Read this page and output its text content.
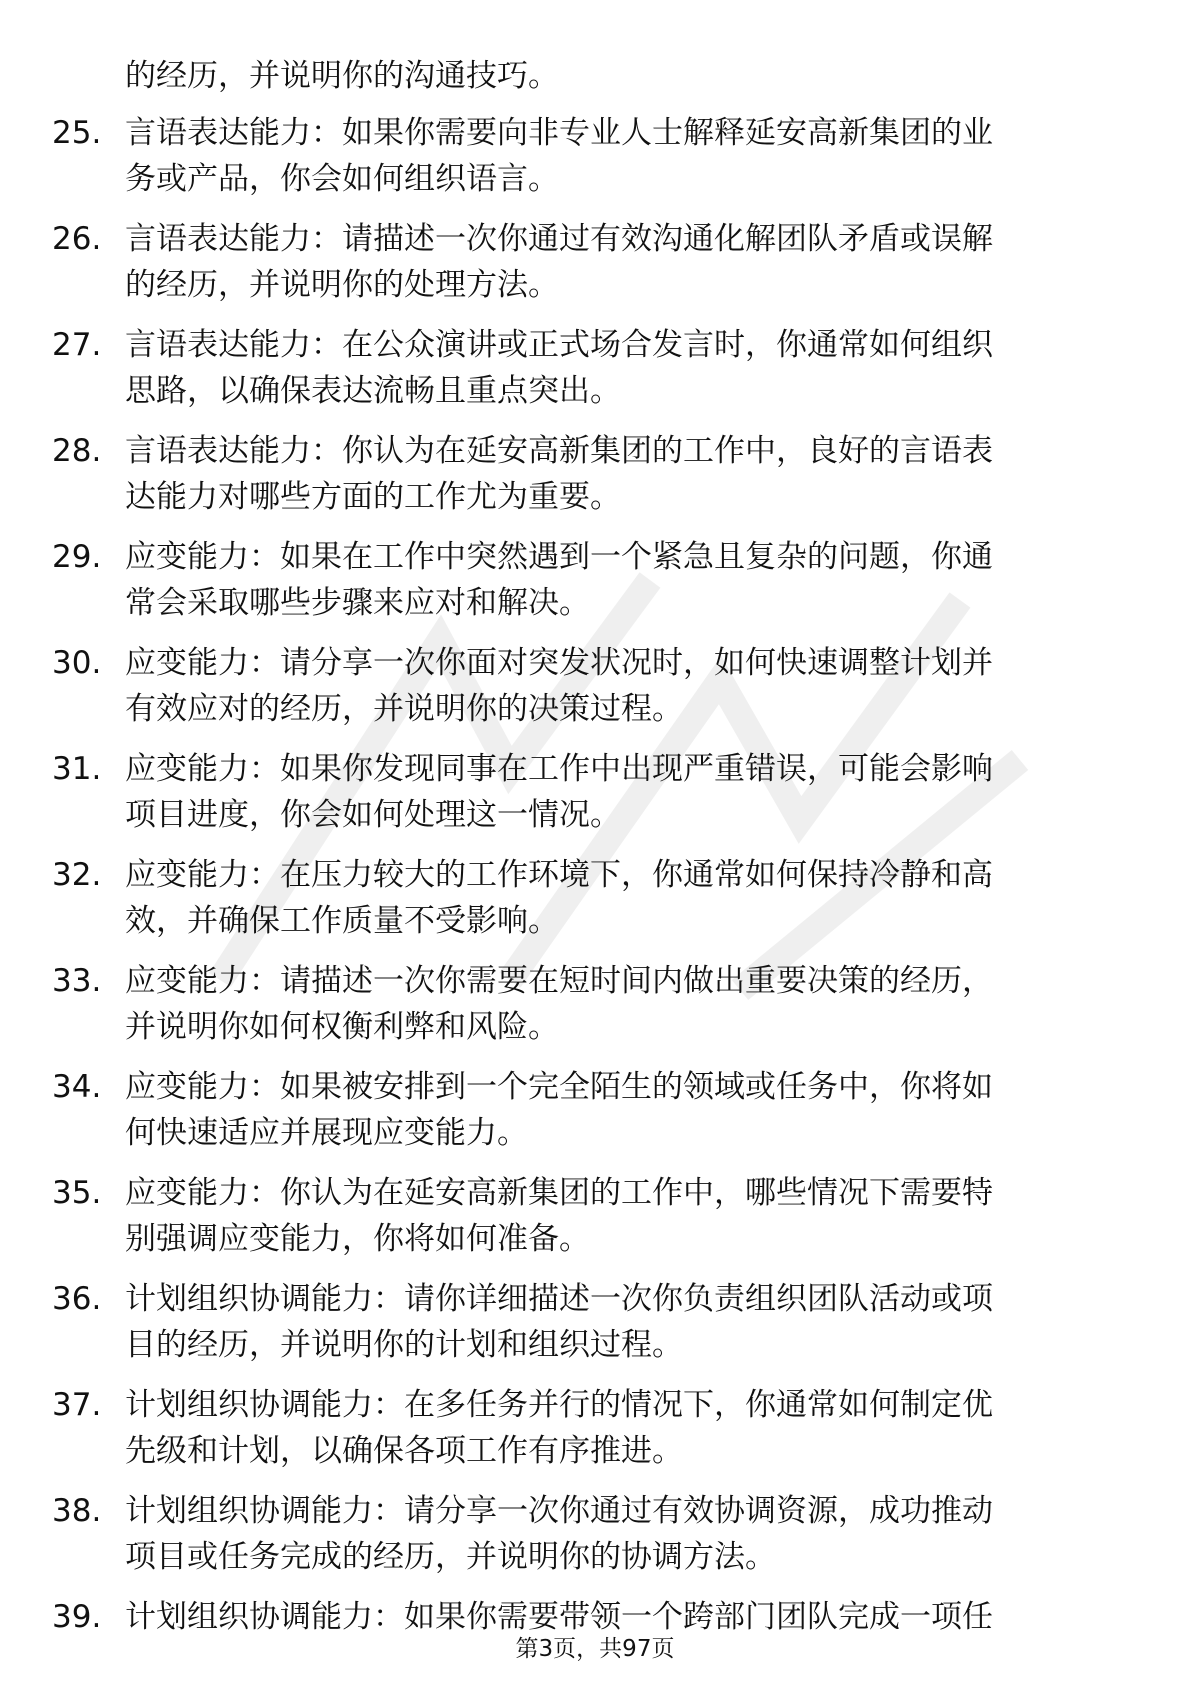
的经历，并说明你的沟通技巧。
25. 言语表达能力：如果你需要向非专业人士解释延安高新集团的业
务或产品，你会如何组织语言。
26. 言语表达能力：请描述一次你通过有效沟通化解团队矛盾或误解
的经历，并说明你的处理方法。
27. 言语表达能力：在公众演讲或正式场合发言时，你通常如何组织
思路，以确保表达流畅且重点突出。
28. 言语表达能力：你认为在延安高新集团的工作中，良好的言语表
达能力对哪些方面的工作尤为重要。
29. 应变能力：如果在工作中突然遇到一个紧急且复杂的问题，你通
常会采取哪些步骤来应对和解决。
30. 应变能力：请分享一次你面对突发状况时，如何快速调整计划并
有效应对的经历，并说明你的决策过程。
31. 应变能力：如果你发现同事在工作中出现严重错误，可能会影响
项目进度，你会如何处理这一情况。
32. 应变能力：在压力较大的工作环境下，你通常如何保持冷静和高
效，并确保工作质量不受影响。
33. 应变能力：请描述一次你需要在短时间内做出重要决策的经历，
并说明你如何权衡利弊和风险。
34. 应变能力：如果被安排到一个完全陌生的领域或任务中，你将如
何快速适应并展现应变能力。
35. 应变能力：你认为在延安高新集团的工作中，哪些情况下需要特
别强调应变能力，你将如何准备。
36. 计划组织协调能力：请你详细描述一次你负责组织团队活动或项
目的经历，并说明你的计划和组织过程。
37. 计划组织协调能力：在多任务并行的情况下，你通常如何制定优
先级和计划，以确保各项工作有序推进。
38. 计划组织协调能力：请分享一次你通过有效协调资源，成功推动
项目或任务完成的经历，并说明你的协调方法。
39. 计划组织协调能力：如果你需要带领一个跨部门团队完成一项任
第3页，共97页
